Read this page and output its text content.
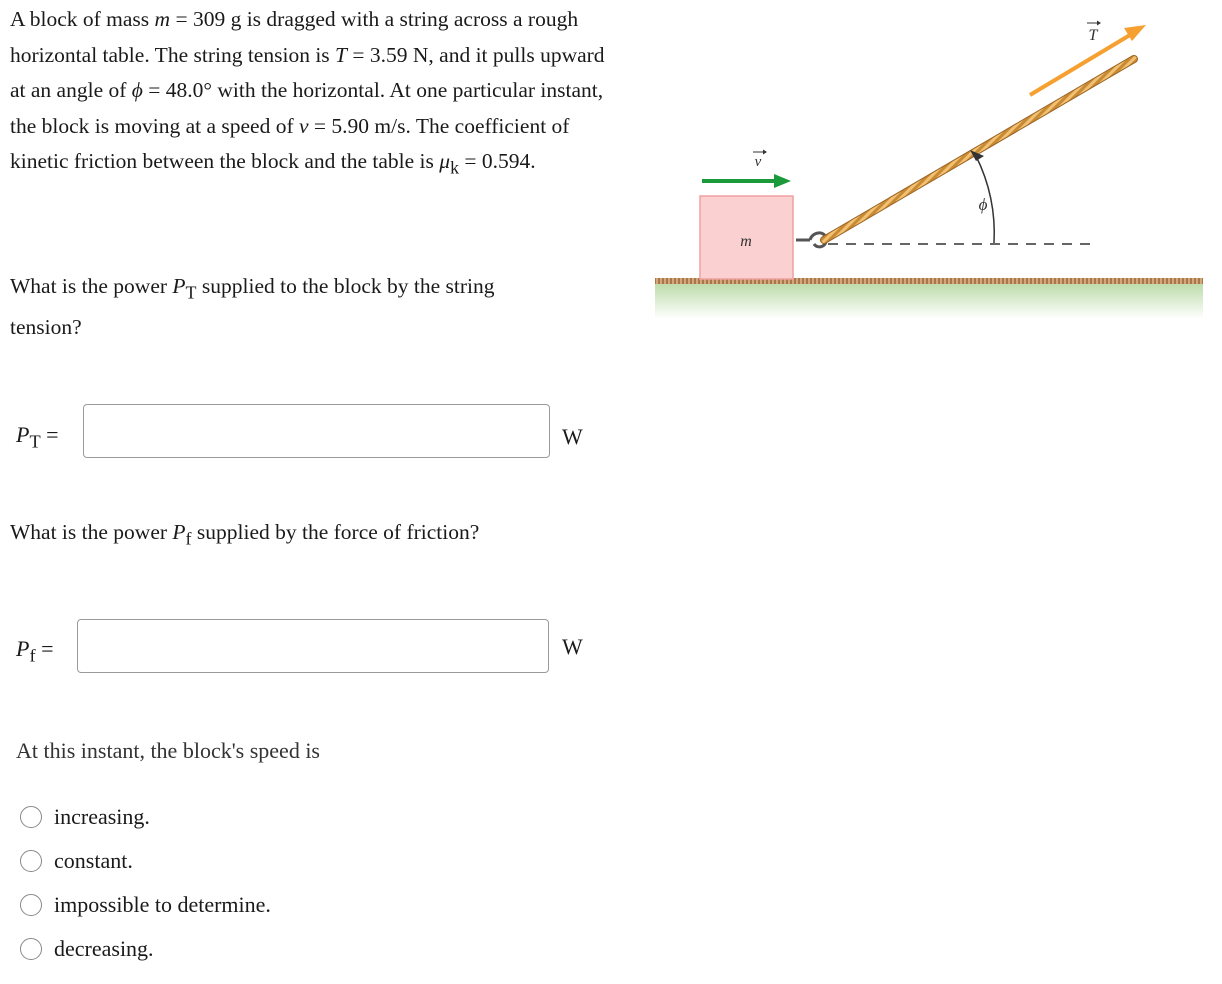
A block of mass m = 309 g is dragged with a string across a rough horizontal table. The string tension is T = 3.59 N, and it pulls upward at an angle of ϕ = 48.0° with the horizontal. At one particular instant, the block is moving at a speed of v = 5.90 m/s. The coefficient of kinetic friction between the block and the table is $\mu_k = 0.594$.
What is the power $P_T$ supplied to the block by the string tension?
$P_T$ =	W
What is the power $P_f$ supplied by the force of friction?
$P_f$ =	W
At this instant, the block's speed is
increasing.
constant.
impossible to determine.
decreasing.
m
v
ϕ
T
